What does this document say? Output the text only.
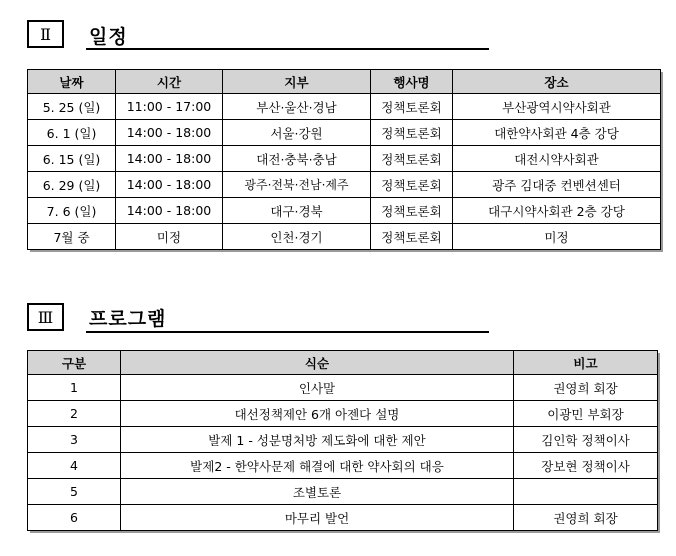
Ⅱ	일정
날짜	시간	지부	행사명	장소
5. 25 (일)	11:00 - 17:00	부산·울산·경남	정책토론회	부산광역시약사회관
6. 1 (일)	14:00 - 18:00	서울·강원	정책토론회	대한약사회관 4층 강당
6. 15 (일)	14:00 - 18:00	대전·충북·충남	정책토론회	대전시약사회관
6. 29 (일)	14:00 - 18:00	광주·전북·전남·제주	정책토론회	광주 김대중 컨벤션센터
7. 6 (일)	14:00 - 18:00	대구·경북	정책토론회	대구시약사회관 2층 강당
7월 중	미정	인천·경기	정책토론회	미정
Ⅲ	프로그램
구분	식순	비고
1	인사말	권영희 회장
2	대선정책제안 6개 아젠다 설명	이광민 부회장
3	발제 1 - 성분명처방 제도화에 대한 제안	김인학 정책이사
4	발제2 - 한약사문제 해결에 대한 약사회의 대응	장보현 정책이사
5	조별토론	
6	마무리 발언	권영희 회장
